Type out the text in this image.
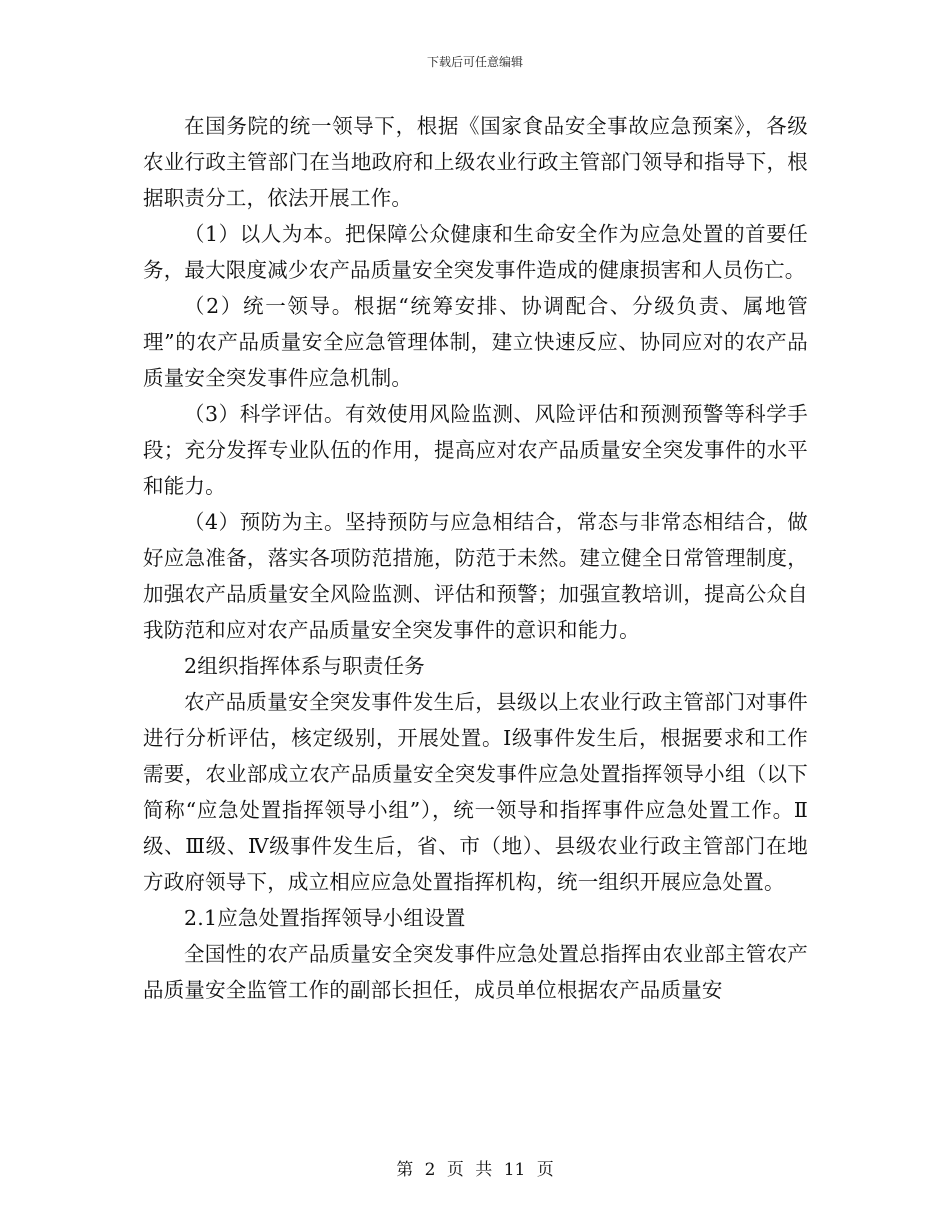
下载后可任意编辑

在国务院的统一领导下，根据《国家食品安全事故应急预案》，各级农业行政主管部门在当地政府和上级农业行政主管部门领导和指导下，根据职责分工，依法开展工作。

（1）以人为本。把保障公众健康和生命安全作为应急处置的首要任务，最大限度减少农产品质量安全突发事件造成的健康损害和人员伤亡。

（2）统一领导。根据“统筹安排、协调配合、分级负责、属地管理”的农产品质量安全应急管理体制，建立快速反应、协同应对的农产品质量安全突发事件应急机制。

（3）科学评估。有效使用风险监测、风险评估和预测预警等科学手段；充分发挥专业队伍的作用，提高应对农产品质量安全突发事件的水平和能力。

（4）预防为主。坚持预防与应急相结合，常态与非常态相结合，做好应急准备，落实各项防范措施，防范于未然。建立健全日常管理制度，加强农产品质量安全风险监测、评估和预警；加强宣教培训，提高公众自我防范和应对农产品质量安全突发事件的意识和能力。

2组织指挥体系与职责任务

农产品质量安全突发事件发生后，县级以上农业行政主管部门对事件进行分析评估，核定级别，开展处置。Ⅰ级事件发生后，根据要求和工作需要，农业部成立农产品质量安全突发事件应急处置指挥领导小组（以下简称“应急处置指挥领导小组”），统一领导和指挥事件应急处置工作。Ⅱ级、Ⅲ级、Ⅳ级事件发生后，省、市（地）、县级农业行政主管部门在地方政府领导下，成立相应应急处置指挥机构，统一组织开展应急处置。

2.1应急处置指挥领导小组设置

全国性的农产品质量安全突发事件应急处置总指挥由农业部主管农产品质量安全监管工作的副部长担任，成员单位根据农产品质量安

第 2 页 共 11 页
